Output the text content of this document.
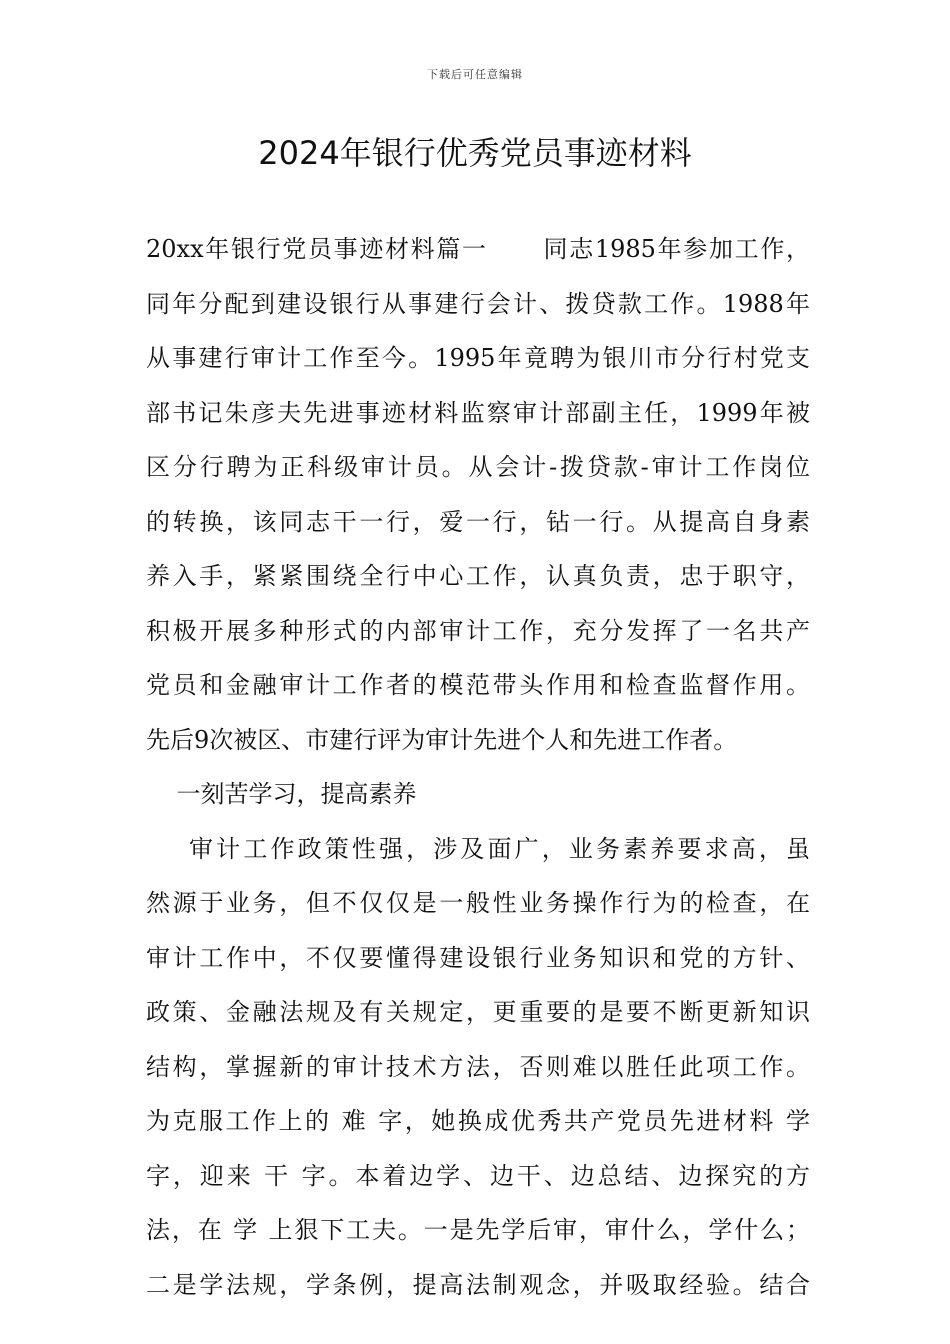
下载后可任意编辑
2024年银行优秀党员事迹材料
20xx年银行党员事迹材料篇一      同志1985年参加工作，
同年分配到建设银行从事建行会计、拨贷款工作。1988年
从事建行审计工作至今。1995年竟聘为银川市分行村党支
部书记朱彦夫先进事迹材料监察审计部副主任，1999年被
区分行聘为正科级审计员。从会计-拨贷款-审计工作岗位
的转换，该同志干一行，爱一行，钻一行。从提高自身素
养入手，紧紧围绕全行中心工作，认真负责，忠于职守，
积极开展多种形式的内部审计工作，充分发挥了一名共产
党员和金融审计工作者的模范带头作用和检查监督作用。
先后9次被区、市建行评为审计先进个人和先进工作者。
一刻苦学习，提高素养
审计工作政策性强，涉及面广，业务素养要求高，虽
然源于业务，但不仅仅是一般性业务操作行为的检查，在
审计工作中，不仅要懂得建设银行业务知识和党的方针、
政策、金融法规及有关规定，更重要的是要不断更新知识
结构，掌握新的审计技术方法，否则难以胜任此项工作。
为克服工作上的 难 字，她换成优秀共产党员先进材料 学
字，迎来 干 字。本着边学、边干、边总结、边探究的方
法，在 学 上狠下工夫。一是先学后审，审什么，学什么；
二是学法规，学条例，提高法制观念，并吸取经验。结合
